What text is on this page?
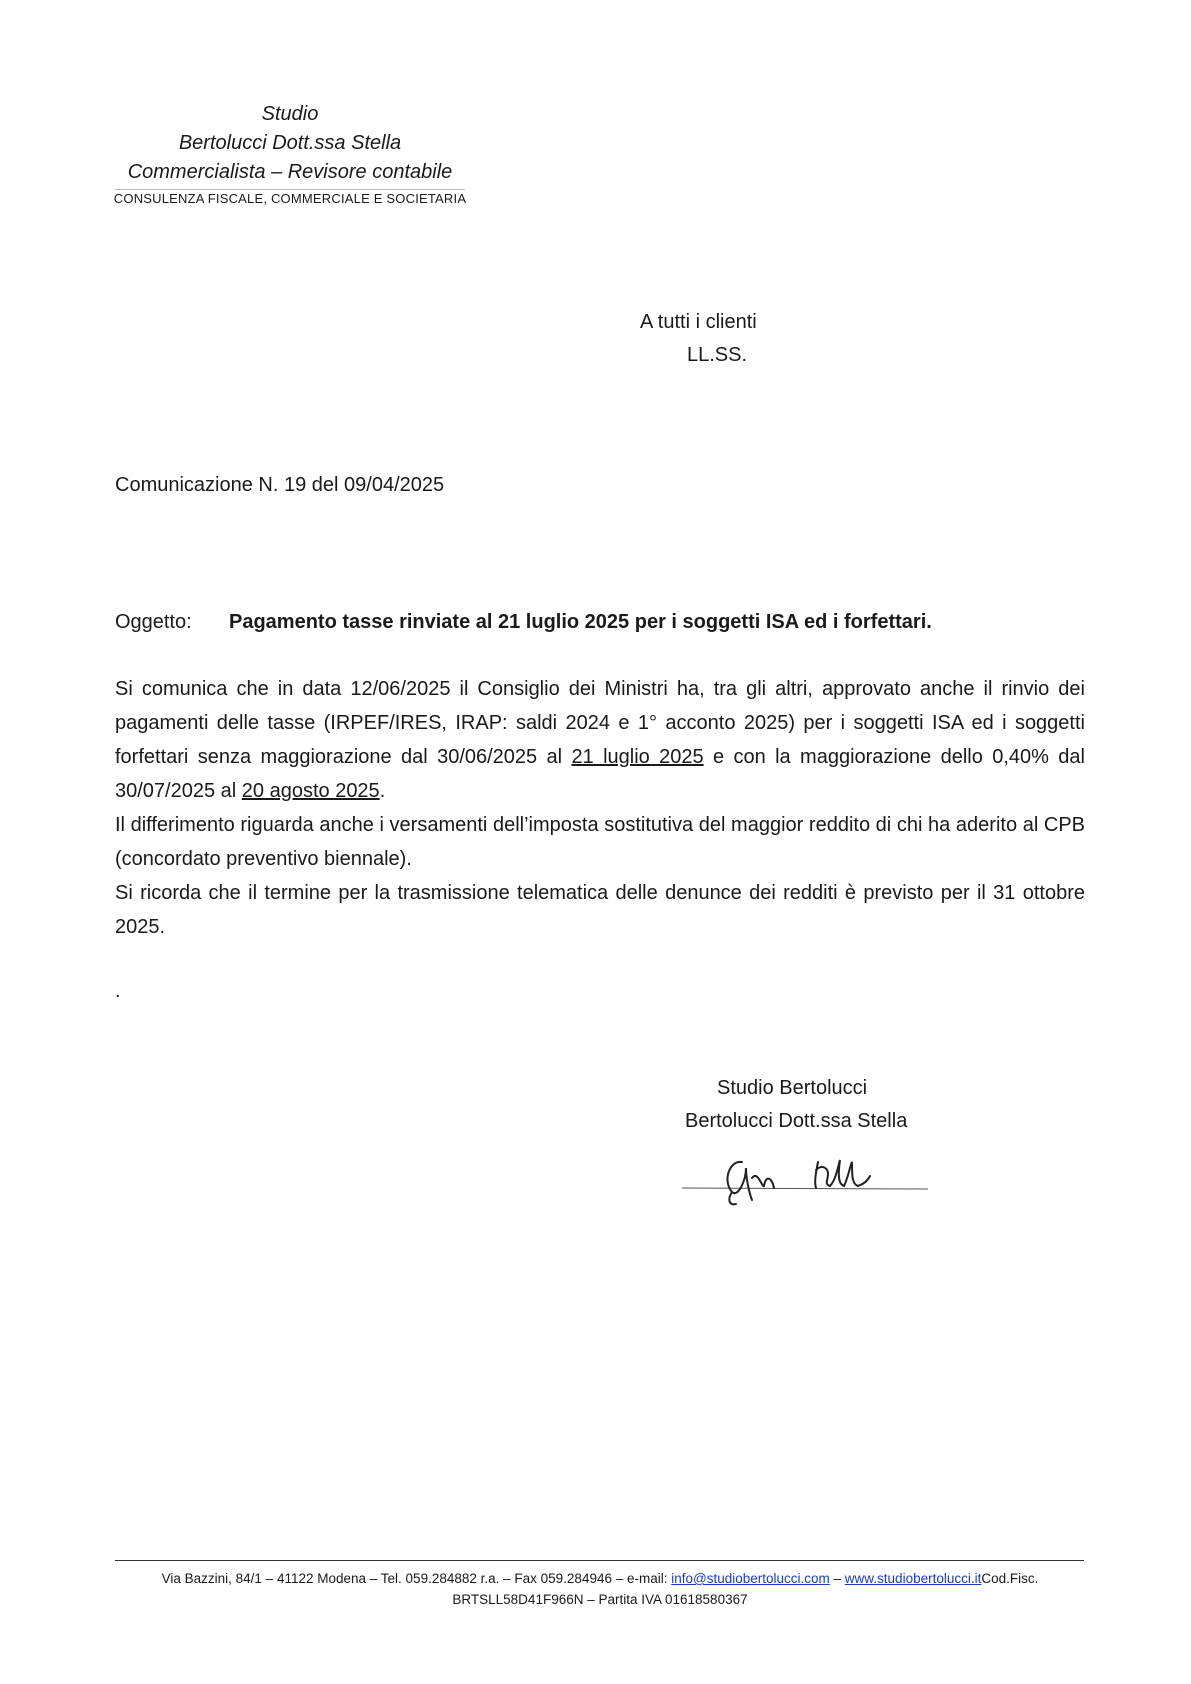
Studio
Bertolucci Dott.ssa Stella
Commercialista – Revisore contabile
CONSULENZA FISCALE, COMMERCIALE E SOCIETARIA
A tutti i clienti
LL.SS.
Comunicazione N. 19 del 09/04/2025
Oggetto: Pagamento tasse rinviate al 21 luglio 2025 per i soggetti ISA ed i forfettari.

Si comunica che in data 12/06/2025 il Consiglio dei Ministri ha, tra gli altri, approvato anche il rinvio dei pagamenti delle tasse (IRPEF/IRES, IRAP: saldi 2024 e 1° acconto 2025) per i soggetti ISA ed i soggetti forfettari senza maggiorazione dal 30/06/2025 al 21 luglio 2025 e con la maggiorazione dello 0,40% dal 30/07/2025 al 20 agosto 2025.

Il differimento riguarda anche i versamenti dell’imposta sostitutiva del maggior reddito di chi ha aderito al CPB (concordato preventivo biennale).

Si ricorda che il termine per la trasmissione telematica delle denunce dei redditi è previsto per il 31 ottobre 2025.

.
Studio Bertolucci
Bertolucci Dott.ssa Stella
Via Bazzini, 84/1 – 41122 Modena – Tel. 059.284882 r.a. – Fax 059.284946 – e-mail: info@studiobertolucci.com – www.studiobertolucci.itCod.Fisc.
BRTSLL58D41F966N – Partita IVA 01618580367
